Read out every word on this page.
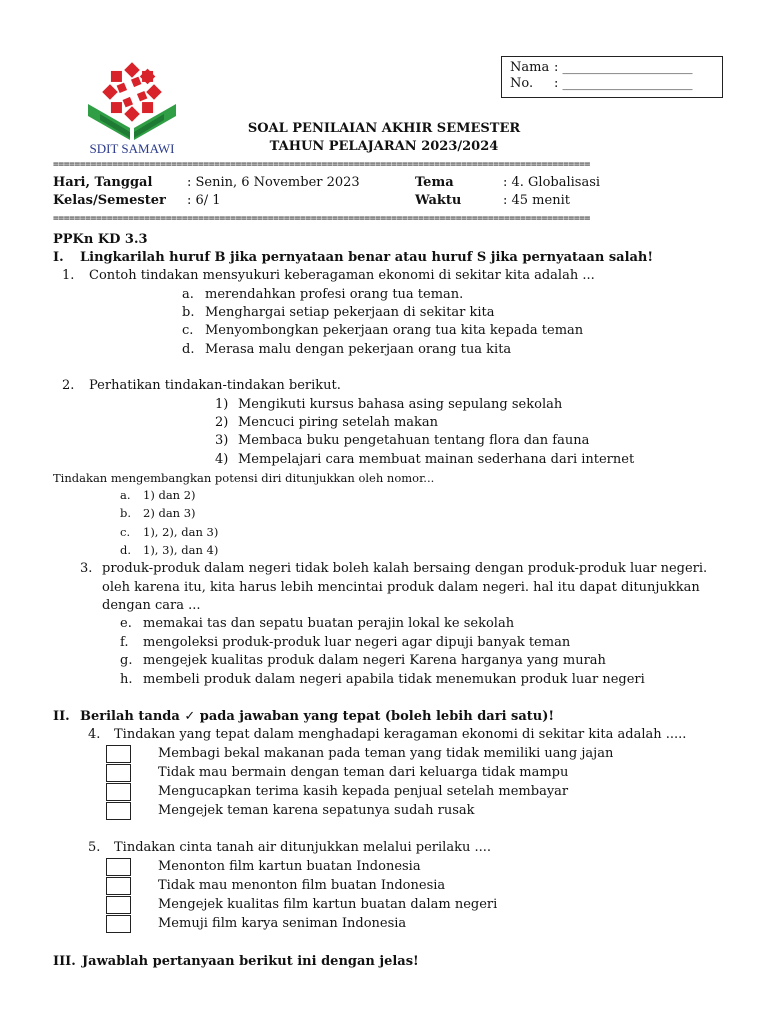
SDIT SAMAWI
Nama : ____________________
No. : ____________________
SOAL PENILAIAN AKHIR SEMESTER
TAHUN PELAJARAN 2023/2024
====================================================================================================
Hari, Tanggal	: Senin, 6 November 2023	Tema	: 4. Globalisasi
Kelas/Semester : 6/ 1	Waktu	: 45 menit
====================================================================================================
PPKn KD 3.3
I. Lingkarilah huruf B jika pernyataan benar atau huruf S jika pernyataan salah!
1. Contoh tindakan mensyukuri keberagaman ekonomi di sekitar kita adalah ...
a. merendahkan profesi orang tua teman.
b. Menghargai setiap pekerjaan di sekitar kita
c. Menyombongkan pekerjaan orang tua kita kepada teman
d. Merasa malu dengan pekerjaan orang tua kita
2. Perhatikan tindakan-tindakan berikut.
1) Mengikuti kursus bahasa asing sepulang sekolah
2) Mencuci piring setelah makan
3) Membaca buku pengetahuan tentang flora dan fauna
4) Mempelajari cara membuat mainan sederhana dari internet
Tindakan mengembangkan potensi diri ditunjukkan oleh nomor...
a. 1) dan 2)
b. 2) dan 3)
c. 1), 2), dan 3)
d. 1), 3), dan 4)
3. produk-produk dalam negeri tidak boleh kalah bersaing dengan produk-produk luar negeri.
oleh karena itu, kita harus lebih mencintai produk dalam negeri. hal itu dapat ditunjukkan
dengan cara ...
e. memakai tas dan sepatu buatan perajin lokal ke sekolah
f. mengoleksi produk-produk luar negeri agar dipuji banyak teman
g. mengejek kualitas produk dalam negeri Karena harganya yang murah
h. membeli produk dalam negeri apabila tidak menemukan produk luar negeri
II. Berilah tanda ✓ pada jawaban yang tepat (boleh lebih dari satu)!
4. Tindakan yang tepat dalam menghadapi keragaman ekonomi di sekitar kita adalah .....
Membagi bekal makanan pada teman yang tidak memiliki uang jajan
Tidak mau bermain dengan teman dari keluarga tidak mampu
Mengucapkan terima kasih kepada penjual setelah membayar
Mengejek teman karena sepatunya sudah rusak
5. Tindakan cinta tanah air ditunjukkan melalui perilaku ....
Menonton film kartun buatan Indonesia
Tidak mau menonton film buatan Indonesia
Mengejek kualitas film kartun buatan dalam negeri
Memuji film karya seniman Indonesia
III. Jawablah pertanyaan berikut ini dengan jelas!
